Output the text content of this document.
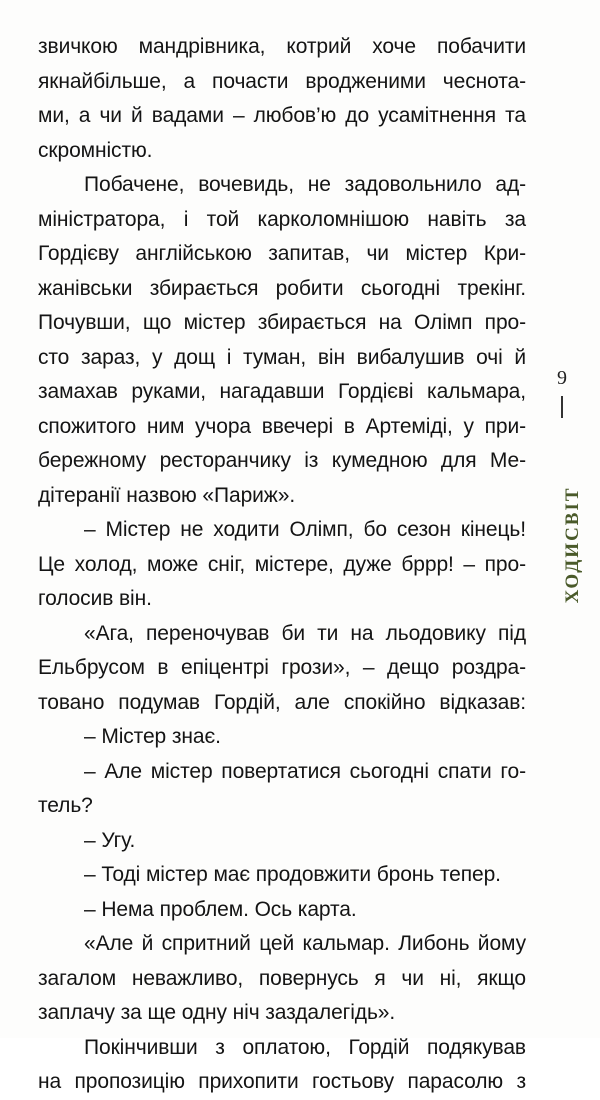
звичкою мандрівника, котрий хоче побачити
якнайбільше, а почасти вродженими чеснота-
ми, а чи й вадами – любов’ю до усамітнення та
скромністю.
Побачене, вочевидь, не задовольнило ад-
міністратора, і той карколомнішою навіть за
Гордієву англійською запитав, чи містер Кри-
жанівськи збирається робити сьогодні трекінг.
Почувши, що містер збирається на Олімп про-
сто зараз, у дощ і туман, він вибалушив очі й
замахав руками, нагадавши Гордієві кальмара,
спожитого ним учора ввечері в Артеміді, у при-
бережному ресторанчику із кумедною для Ме-
дітеранії назвою «Париж».
– Містер не ходити Олімп, бо сезон кінець!
Це холод, може сніг, містере, дуже бррр! – про-
голосив він.
«Ага, переночував би ти на льодовику під
Ельбрусом в епіцентрі грози», – дещо роздра-
товано подумав Гордій, але спокійно відказав:
– Містер знає.
– Але містер повертатися сьогодні спати го-
тель?
– Угу.
– Тоді містер має продовжити бронь тепер.
– Нема проблем. Ось карта.
«Але й спритний цей кальмар. Либонь йому
загалом неважливо, повернусь я чи ні, якщо
заплачу за ще одну ніч заздалегідь».
Покінчивши з оплатою, Гордій подякував
на пропозицію прихопити гостьову парасолю з
9
ХОДИСВІТ
